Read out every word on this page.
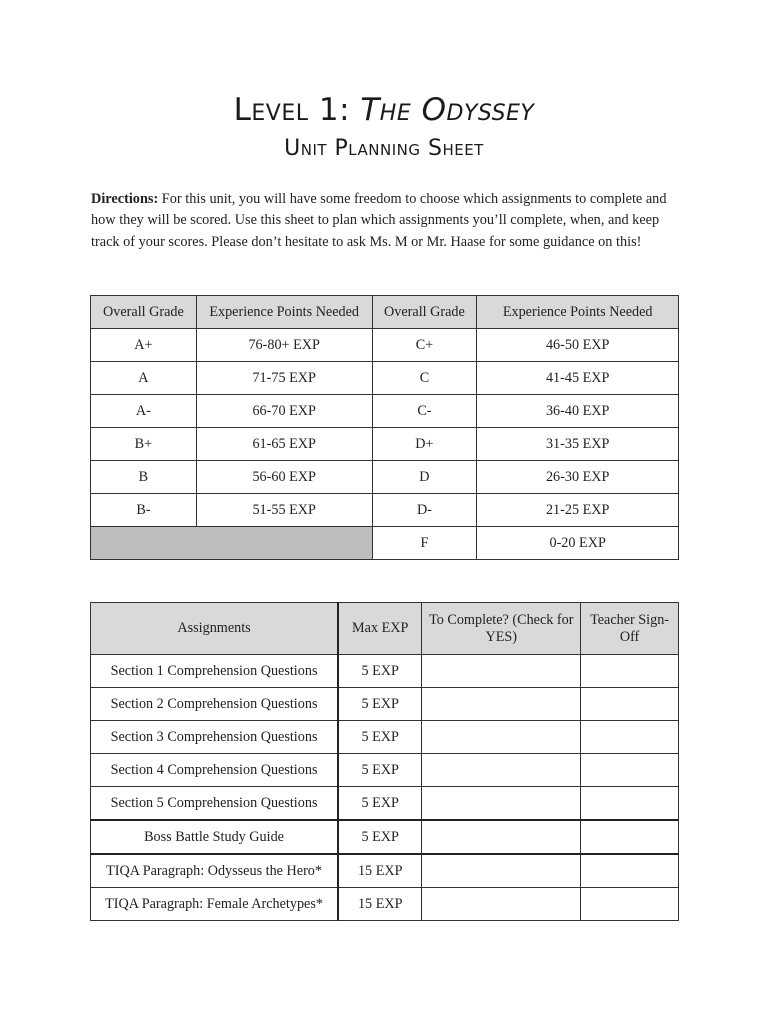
Level 1: The Odyssey
Unit Planning Sheet
Directions: For this unit, you will have some freedom to choose which assignments to complete and how they will be scored. Use this sheet to plan which assignments you’ll complete, when, and keep track of your scores. Please don’t hesitate to ask Ms. M or Mr. Haase for some guidance on this!
Overall Grade	Experience Points Needed	Overall Grade	Experience Points Needed
A+	76-80+ EXP	C+	46-50 EXP
A	71-75 EXP	C	41-45 EXP
A-	66-70 EXP	C-	36-40 EXP
B+	61-65 EXP	D+	31-35 EXP
B	56-60 EXP	D	26-30 EXP
B-	51-55 EXP	D-	21-25 EXP
		F	0-20 EXP
Assignments	Max EXP	To Complete? (Check for YES)	Teacher Sign-Off
Section 1 Comprehension Questions	5 EXP		
Section 2 Comprehension Questions	5 EXP		
Section 3 Comprehension Questions	5 EXP		
Section 4 Comprehension Questions	5 EXP		
Section 5 Comprehension Questions	5 EXP		
Boss Battle Study Guide	5 EXP		
TIQA Paragraph: Odysseus the Hero*	15 EXP		
TIQA Paragraph: Female Archetypes*	15 EXP		
